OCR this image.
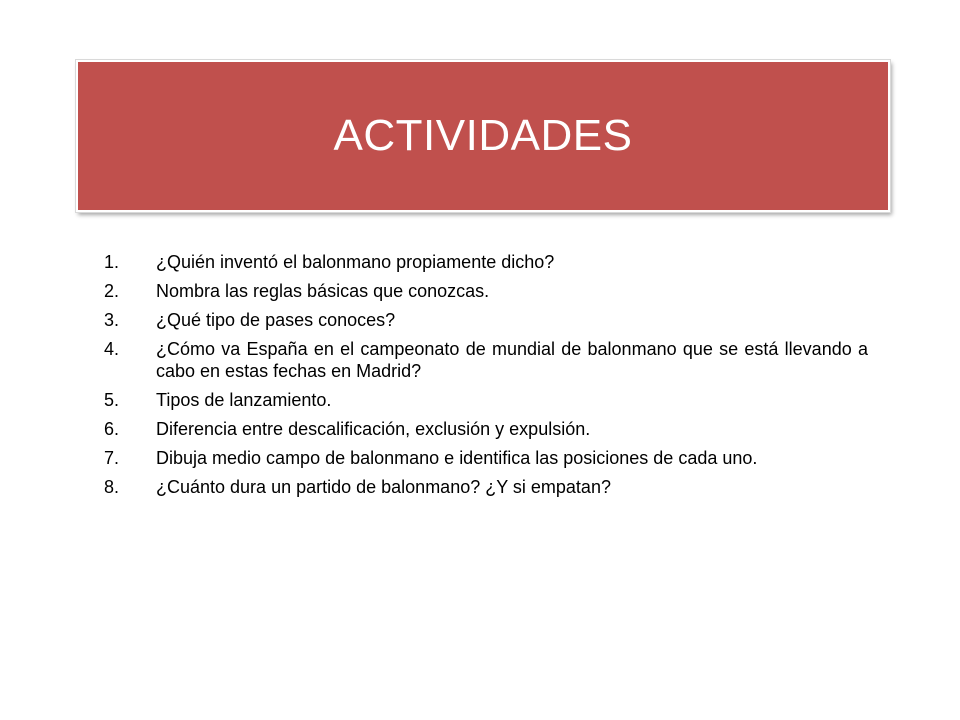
ACTIVIDADES
1.	¿Quién inventó el balonmano propiamente dicho?
2.	Nombra las reglas básicas que conozcas.
3.	¿Qué tipo de pases conoces?
4.	¿Cómo va España en el campeonato de mundial de balonmano que se está llevando a cabo en estas fechas en Madrid?
5.	Tipos de lanzamiento.
6.	Diferencia entre descalificación, exclusión y expulsión.
7.	Dibuja medio campo de balonmano e identifica las posiciones de cada uno.
8.	¿Cuánto dura un partido de balonmano? ¿Y si empatan?
